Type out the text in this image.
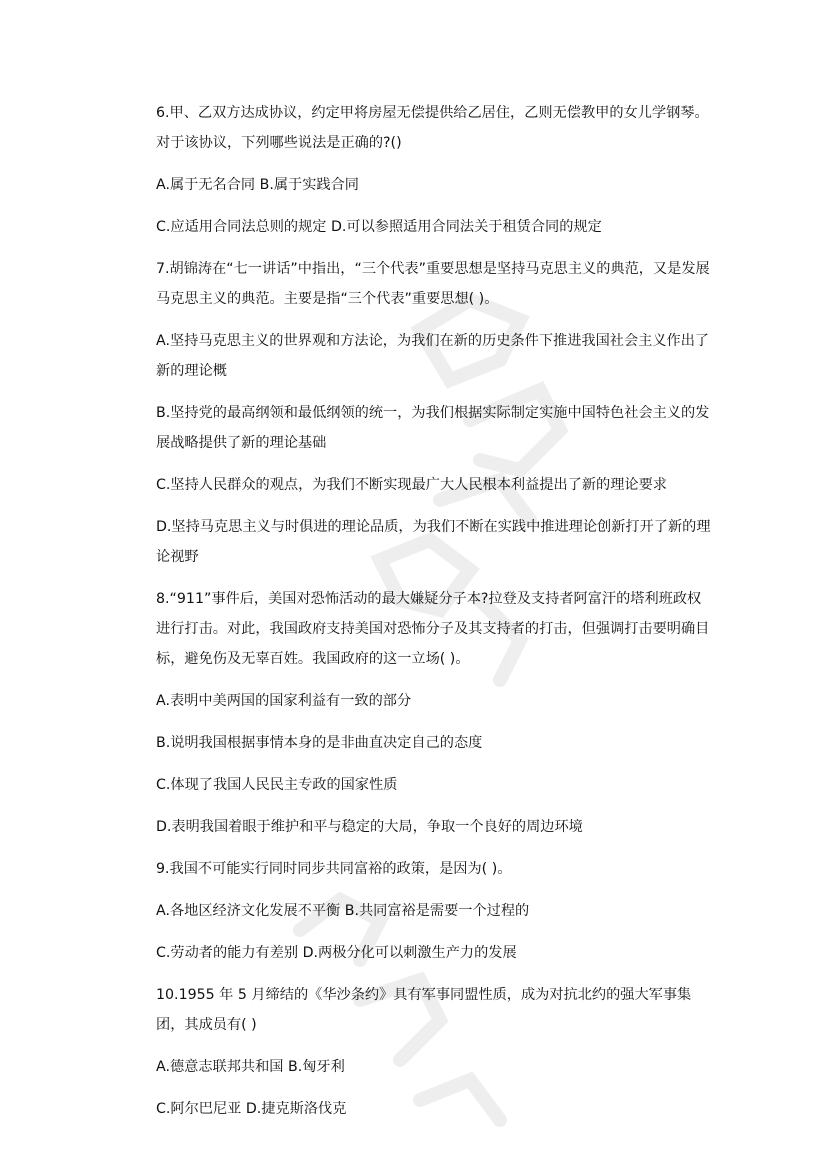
6.甲、乙双方达成协议，约定甲将房屋无偿提供给乙居住，乙则无偿教甲的女儿学钢琴。对于该协议，下列哪些说法是正确的?()

A.属于无名合同 B.属于实践合同

C.应适用合同法总则的规定 D.可以参照适用合同法关于租赁合同的规定

7.胡锦涛在“七一讲话”中指出，“三个代表”重要思想是坚持马克思主义的典范，又是发展马克思主义的典范。主要是指“三个代表”重要思想( )。

A.坚持马克思主义的世界观和方法论，为我们在新的历史条件下推进我国社会主义作出了新的理论概

B.坚持党的最高纲领和最低纲领的统一，为我们根据实际制定实施中国特色社会主义的发展战略提供了新的理论基础

C.坚持人民群众的观点，为我们不断实现最广大人民根本利益提出了新的理论要求

D.坚持马克思主义与时俱进的理论品质，为我们不断在实践中推进理论创新打开了新的理论视野

8.“911”事件后，美国对恐怖活动的最大嫌疑分子本?拉登及支持者阿富汗的塔利班政权进行打击。对此，我国政府支持美国对恐怖分子及其支持者的打击，但强调打击要明确目标，避免伤及无辜百姓。我国政府的这一立场( )。

A.表明中美两国的国家利益有一致的部分

B.说明我国根据事情本身的是非曲直决定自己的态度

C.体现了我国人民民主专政的国家性质

D.表明我国着眼于维护和平与稳定的大局，争取一个良好的周边环境

9.我国不可能实行同时同步共同富裕的政策，是因为( )。

A.各地区经济文化发展不平衡 B.共同富裕是需要一个过程的

C.劳动者的能力有差别 D.两极分化可以刺激生产力的发展

10.1955 年 5 月缔结的《华沙条约》具有军事同盟性质，成为对抗北约的强大军事集团，其成员有( )

A.德意志联邦共和国 B.匈牙利

C.阿尔巴尼亚 D.捷克斯洛伐克
